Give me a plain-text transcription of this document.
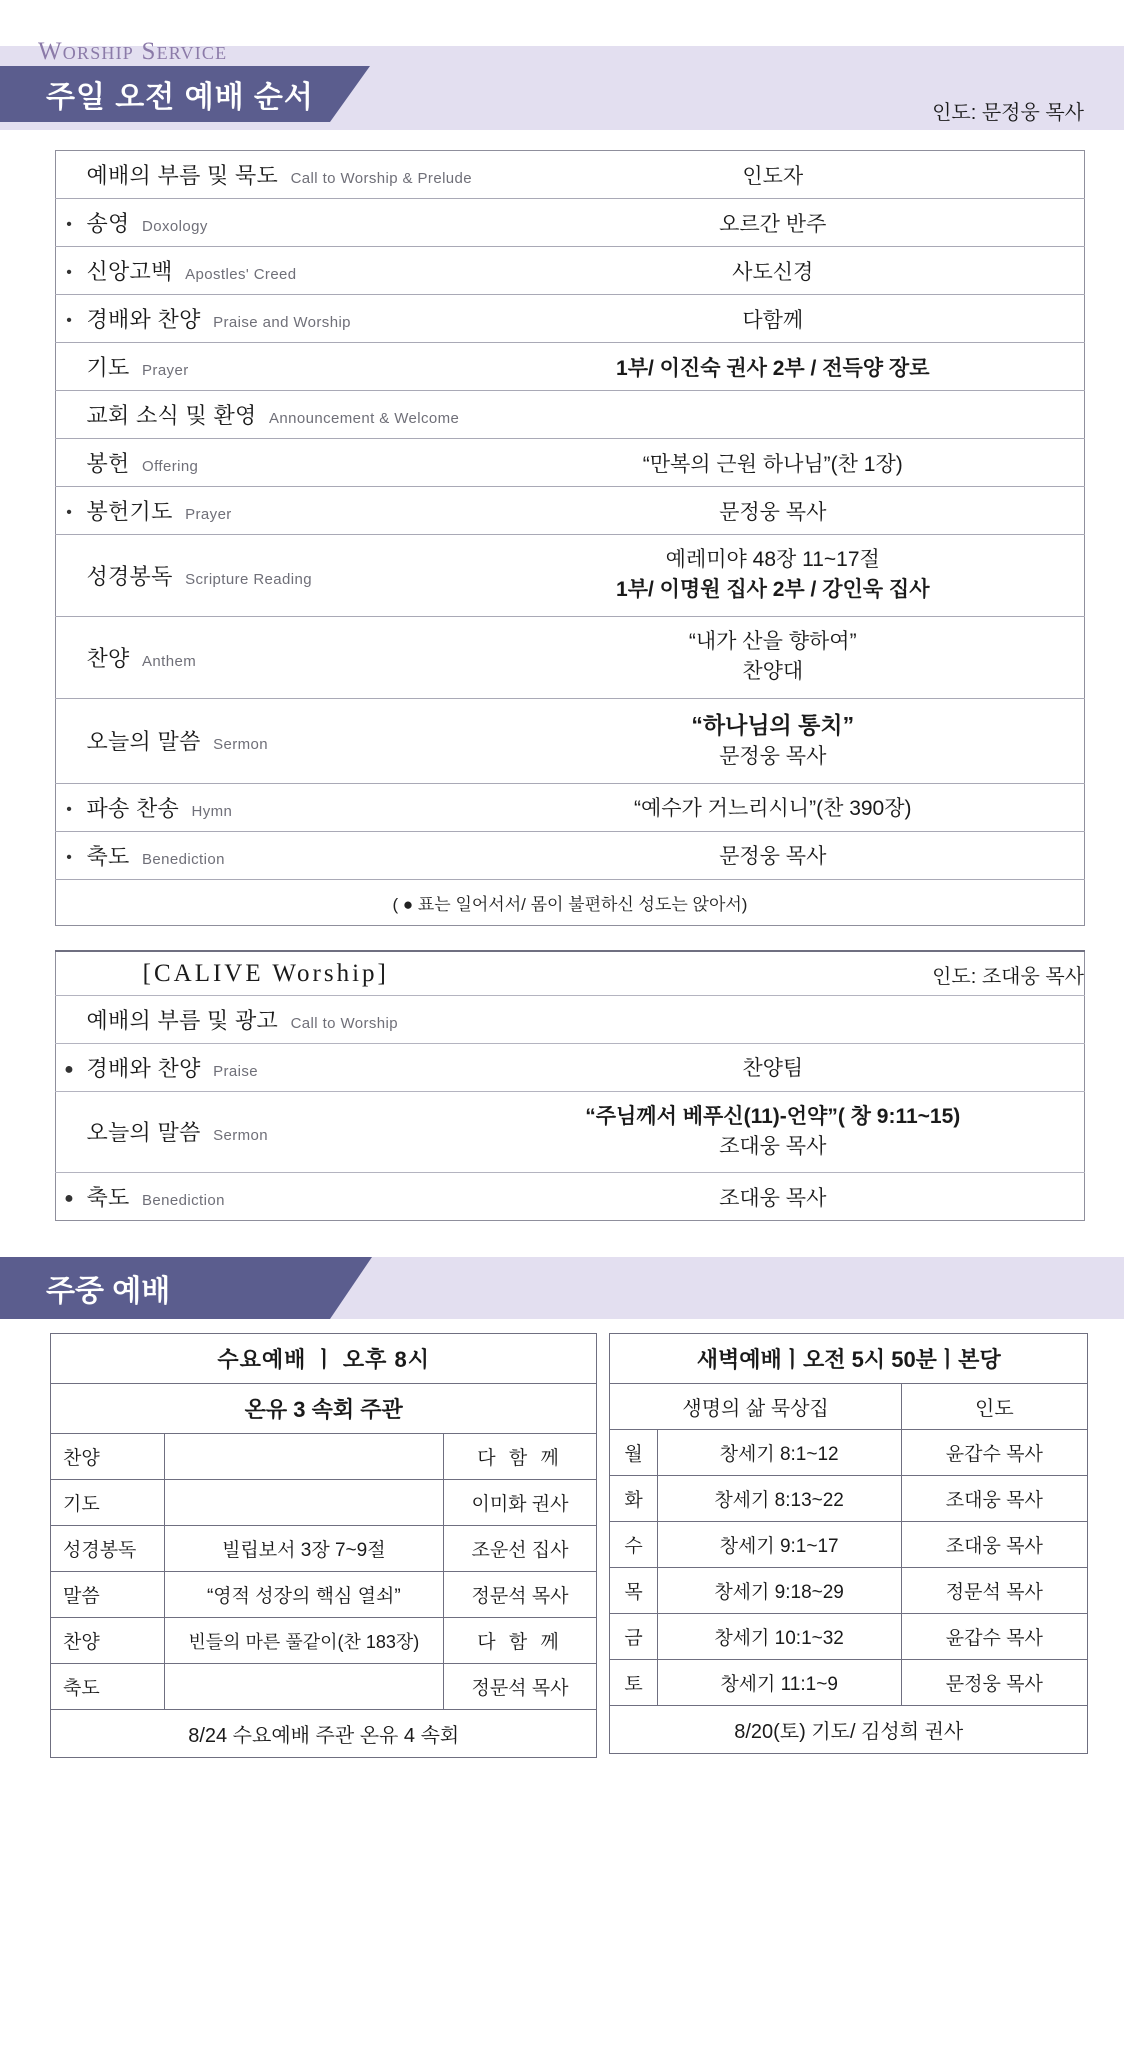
Worship Service
주일 오전 예배 순서	인도: 문정웅 목사
예배의 부름 및 묵도 Call to Worship & Prelude	인도자
• 송영 Doxology	오르간 반주
• 신앙고백 Apostles' Creed	사도신경
• 경배와 찬양 Praise and Worship	다함께
기도 Prayer	1부/ 이진숙 권사 2부 / 전득양 장로
교회 소식 및 환영 Announcement & Welcome	
봉헌 Offering	“만복의 근원 하나님”(찬 1장)
• 봉헌기도 Prayer	문정웅 목사
성경봉독 Scripture Reading	예레미야 48장 11~17절
1부/ 이명원 집사 2부 / 강인욱 집사

찬양 Anthem	“내가 산을 향하여”
찬양대

오늘의 말씀 Sermon	“하나님의 통치”
문정웅 목사

• 파송 찬송 Hymn	“예수가 거느리시니”(찬 390장)
• 축도 Benediction	문정웅 목사
( ● 표는 일어서서/ 몸이 불편하신 성도는 앉아서)	
[CALIVE Worship]	인도: 조대웅 목사
예배의 부름 및 광고 Call to Worship	
● 경배와 찬양 Praise	찬양팀
오늘의 말씀 Sermon	“주님께서 베푸신(11)-언약”( 창 9:11~15)
조대웅 목사

● 축도 Benediction	조대웅 목사
주중 예배
수요예배 ㅣ 오후 8시		
온유 3 속회 주관		
찬양		다 함 께
기도		이미화 권사
성경봉독	빌립보서 3장 7~9절	조운선 집사
말씀	“영적 성장의 핵심 열쇠”	정문석 목사
찬양	빈들의 마른 풀같이(찬 183장)	다 함 께
축도		정문석 목사
8/24 수요예배 주관 온유 4 속회		
새벽예배ㅣ오전 5시 50분ㅣ본당		
생명의 삶 묵상집		인도
월	창세기 8:1~12	윤갑수 목사
화	창세기 8:13~22	조대웅 목사
수	창세기 9:1~17	조대웅 목사
목	창세기 9:18~29	정문석 목사
금	창세기 10:1~32	윤갑수 목사
토	창세기 11:1~9	문정웅 목사
8/20(토) 기도/ 김성희 권사		
